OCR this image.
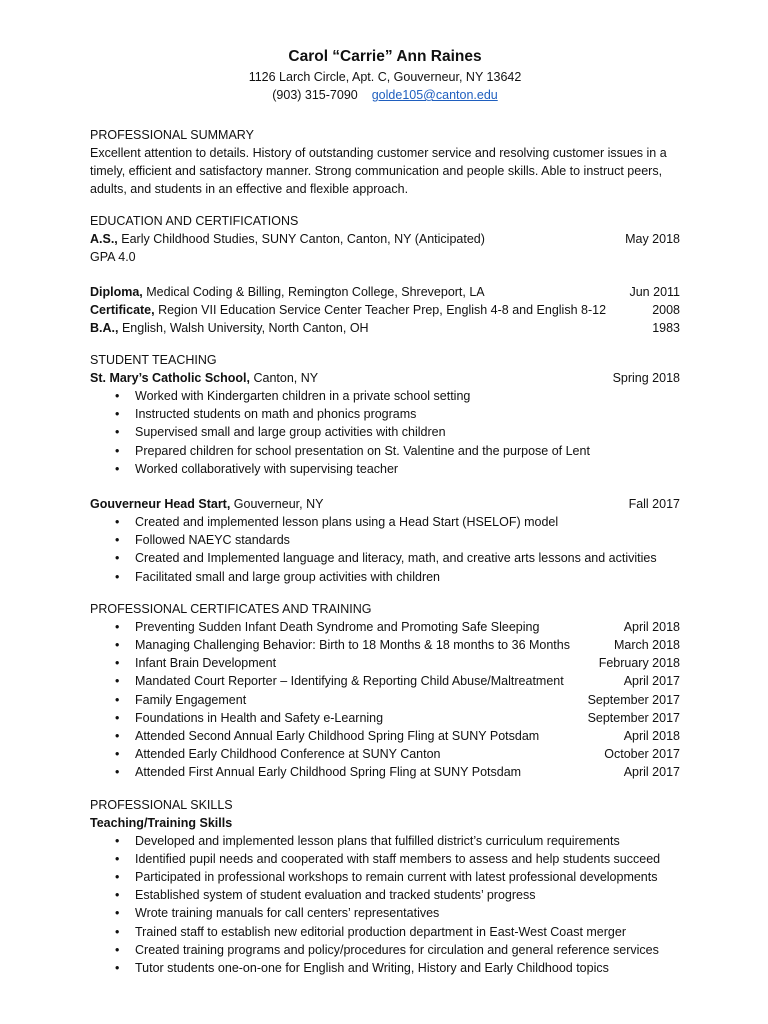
Carol “Carrie” Ann Raines
1126 Larch Circle, Apt. C, Gouverneur, NY 13642
(903) 315-7090 golde105@canton.edu
PROFESSIONAL SUMMARY
Excellent attention to details. History of outstanding customer service and resolving customer issues in a timely, efficient and satisfactory manner. Strong communication and people skills. Able to instruct peers, adults, and students in an effective and flexible approach.
EDUCATION AND CERTIFICATIONS
A.S., Early Childhood Studies, SUNY Canton, Canton, NY (Anticipated)	May 2018
GPA 4.0
Diploma, Medical Coding & Billing, Remington College, Shreveport, LA	Jun 2011
Certificate, Region VII Education Service Center Teacher Prep, English 4-8 and English 8-12	2008
B.A., English, Walsh University, North Canton, OH	1983
STUDENT TEACHING
St. Mary’s Catholic School, Canton, NY	Spring 2018
• Worked with Kindergarten children in a private school setting
• Instructed students on math and phonics programs
• Supervised small and large group activities with children
• Prepared children for school presentation on St. Valentine and the purpose of Lent
• Worked collaboratively with supervising teacher
Gouverneur Head Start, Gouverneur, NY	Fall 2017
• Created and implemented lesson plans using a Head Start (HSELOF) model
• Followed NAEYC standards
• Created and Implemented language and literacy, math, and creative arts lessons and activities
• Facilitated small and large group activities with children
PROFESSIONAL CERTIFICATES AND TRAINING
• Preventing Sudden Infant Death Syndrome and Promoting Safe Sleeping	April 2018
• Managing Challenging Behavior: Birth to 18 Months & 18 months to 36 Months	March 2018
• Infant Brain Development	February 2018
• Mandated Court Reporter – Identifying & Reporting Child Abuse/Maltreatment	April 2017
• Family Engagement	September 2017
• Foundations in Health and Safety e-Learning	September 2017
• Attended Second Annual Early Childhood Spring Fling at SUNY Potsdam	April 2018
• Attended Early Childhood Conference at SUNY Canton	October 2017
• Attended First Annual Early Childhood Spring Fling at SUNY Potsdam	April 2017
PROFESSIONAL SKILLS
Teaching/Training Skills
• Developed and implemented lesson plans that fulfilled district’s curriculum requirements
• Identified pupil needs and cooperated with staff members to assess and help students succeed
• Participated in professional workshops to remain current with latest professional developments
• Established system of student evaluation and tracked students’ progress
• Wrote training manuals for call centers’ representatives
• Trained staff to establish new editorial production department in East-West Coast merger
• Created training programs and policy/procedures for circulation and general reference services
• Tutor students one-on-one for English and Writing, History and Early Childhood topics
